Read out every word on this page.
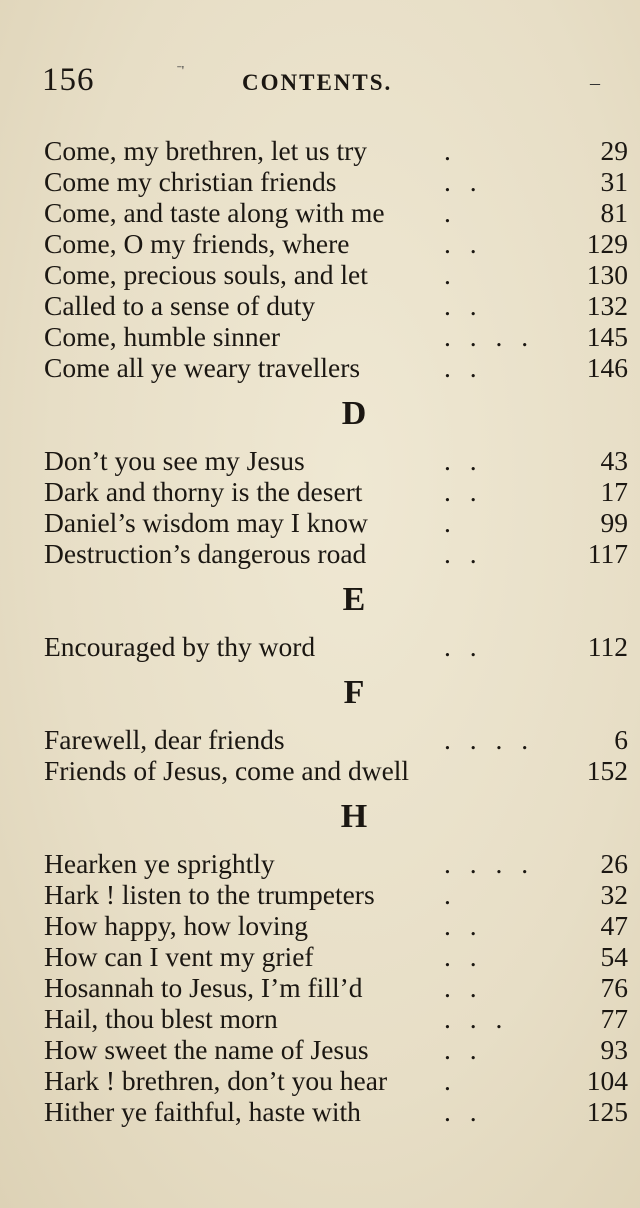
156	ˉ'	CONTENTS.	–
Come, my brethren, let us try	.	29
Come my christian friends	. .	31
Come, and taste along with me .	81
Come, O my friends, where	. .	129
Come, precious souls, and let	.	130
Called to a sense of duty	. .	132
Come, humble sinner	. . . .	145
Come all ye weary travellers	. .	146
D
Don’t you see my Jesus	. .	43
Dark and thorny is the desert	. .	17
Daniel’s wisdom may I know	.	99
Destruction’s dangerous road	. .	117
E
Encouraged by thy word	. .	112
F
Farewell, dear friends	. . . .	6
Friends of Jesus, come and dwell	152
H
Hearken ye sprightly	. . . .	26
Hark ! listen to the trumpeters	.	32
How happy, how loving	. .	47
How can I vent my grief	. .	54
Hosannah to Jesus, I’m fill’d	. .	76
Hail, thou blest morn	. . .	77
How sweet the name of Jesus	. .	93
Hark ! brethren, don’t you hear .	104
Hither ye faithful, haste with	. .	125
